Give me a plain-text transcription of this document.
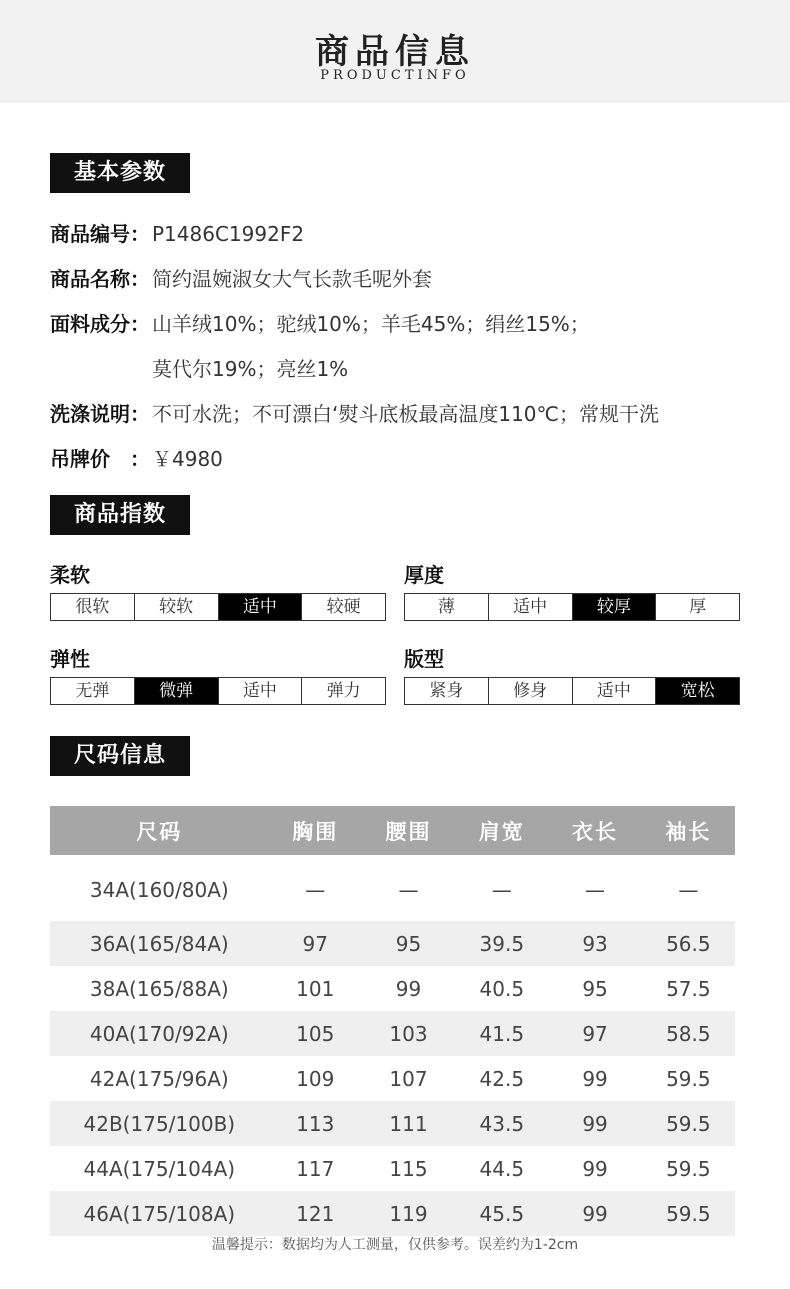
商品信息
PRODUCTINFO
基本参数
商品编号： P1486C1992F2
商品名称： 简约温婉淑女大气长款毛呢外套
面料成分： 山羊绒10%；驼绒10%；羊毛45%；绢丝15%；
莫代尔19%；亮丝1%
洗涤说明： 不可水洗；不可漂白‘熨斗底板最高温度110℃；常规干洗
吊牌价　： ￥4980
商品指数
柔软
很软	较软	适中	较硬
厚度
薄	适中	较厚	厚
弹性
无弹	微弹	适中	弹力
版型
紧身	修身	适中	宽松
尺码信息
尺码	胸围	腰围	肩宽	衣长	袖长
34A(160/80A)	—	—	—	—	—
36A(165/84A)	97	95	39.5	93	56.5
38A(165/88A)	101	99	40.5	95	57.5
40A(170/92A)	105	103	41.5	97	58.5
42A(175/96A)	109	107	42.5	99	59.5
42B(175/100B)	113	111	43.5	99	59.5
44A(175/104A)	117	115	44.5	99	59.5
46A(175/108A)	121	119	45.5	99	59.5
温馨提示：数据均为人工测量，仅供参考。误差约为1-2cm
